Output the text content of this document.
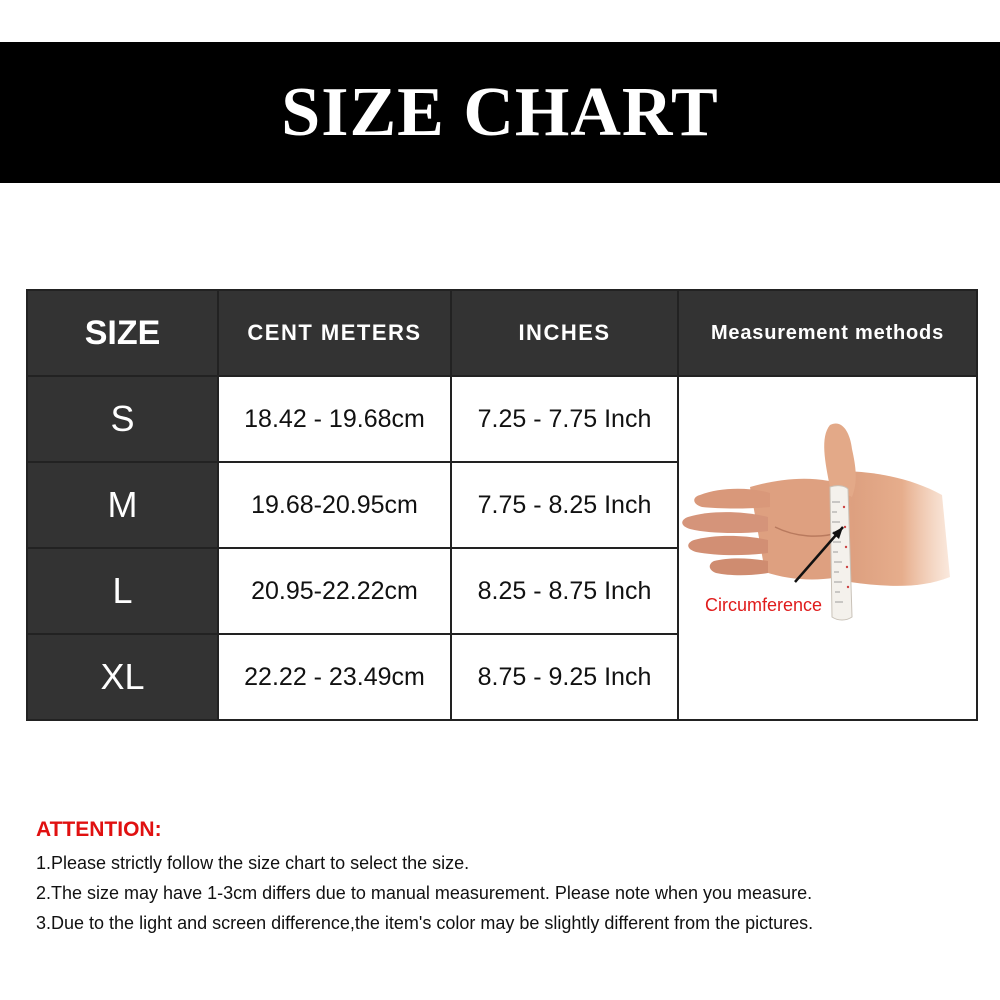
SIZE CHART
SIZE	CENT METERS	INCHES	Measurement methods
S	18.42 - 19.68cm	7.25 - 7.75 Inch	Circumference

M	19.68-20.95cm	7.75 - 8.25 Inch	
L	20.95-22.22cm	8.25 - 8.75 Inch	
XL	22.22 - 23.49cm	8.75 - 9.25 Inch	
ATTENTION:
1.Please strictly follow the size chart to select the size.
2.The size may have 1-3cm differs due to manual measurement. Please note when you measure.
3.Due to the light and screen difference,the item's color may be slightly different from the pictures.
